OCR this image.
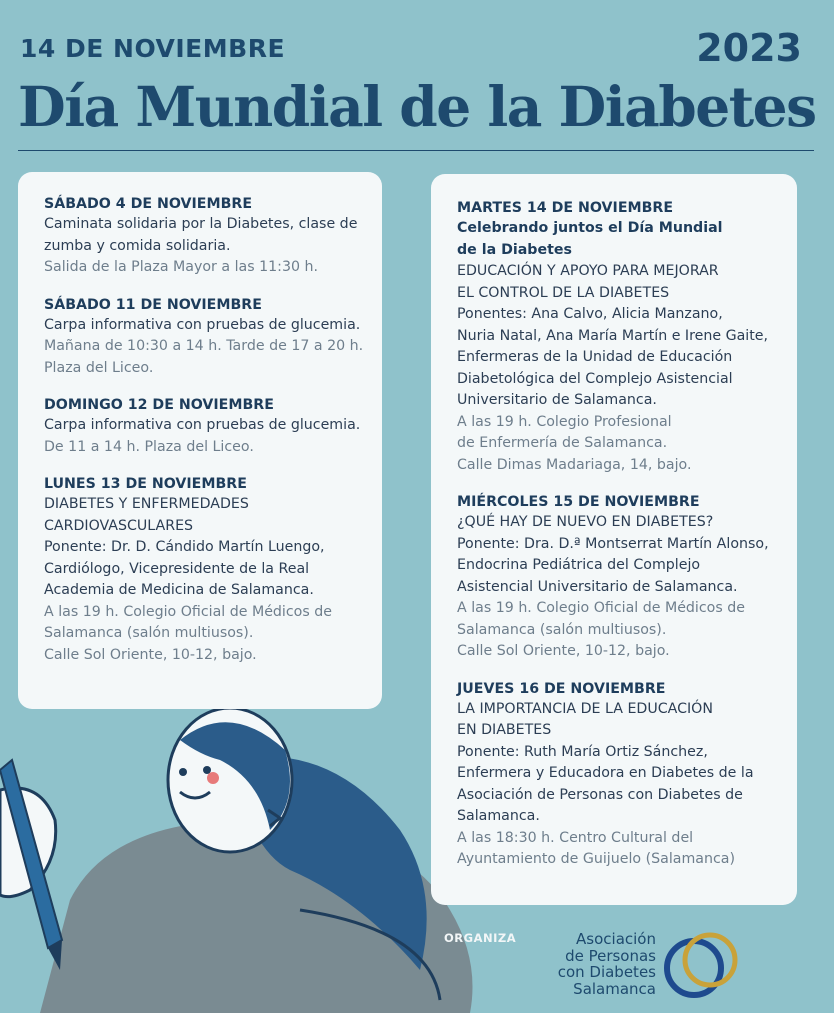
14 DE NOVIEMBRE	2023
Día Mundial de la Diabetes
SÁBADO 4 DE NOVIEMBRE
Caminata solidaria por la Diabetes, clase de
zumba y comida solidaria.
Salida de la Plaza Mayor a las 11:30 h.
SÁBADO 11 DE NOVIEMBRE
Carpa informativa con pruebas de glucemia.
Mañana de 10:30 a 14 h. Tarde de 17 a 20 h.
Plaza del Liceo.
DOMINGO 12 DE NOVIEMBRE
Carpa informativa con pruebas de glucemia.
De 11 a 14 h. Plaza del Liceo.
LUNES 13 DE NOVIEMBRE
DIABETES Y ENFERMEDADES
CARDIOVASCULARES
Ponente: Dr. D. Cándido Martín Luengo,
Cardiólogo, Vicepresidente de la Real
Academia de Medicina de Salamanca.
A las 19 h. Colegio Oficial de Médicos de
Salamanca (salón multiusos).
Calle Sol Oriente, 10-12, bajo.
MARTES 14 DE NOVIEMBRE
Celebrando juntos el Día Mundial
de la Diabetes
EDUCACIÓN Y APOYO PARA MEJORAR
EL CONTROL DE LA DIABETES
Ponentes: Ana Calvo, Alicia Manzano,
Nuria Natal, Ana María Martín e Irene Gaite,
Enfermeras de la Unidad de Educación
Diabetológica del Complejo Asistencial
Universitario de Salamanca.
A las 19 h. Colegio Profesional
de Enfermería de Salamanca.
Calle Dimas Madariaga, 14, bajo.
MIÉRCOLES 15 DE NOVIEMBRE
¿QUÉ HAY DE NUEVO EN DIABETES?
Ponente: Dra. D.ª Montserrat Martín Alonso,
Endocrina Pediátrica del Complejo
Asistencial Universitario de Salamanca.
A las 19 h. Colegio Oficial de Médicos de
Salamanca (salón multiusos).
Calle Sol Oriente, 10-12, bajo.
JUEVES 16 DE NOVIEMBRE
LA IMPORTANCIA DE LA EDUCACIÓN
EN DIABETES
Ponente: Ruth María Ortiz Sánchez,
Enfermera y Educadora en Diabetes de la
Asociación de Personas con Diabetes de
Salamanca.
A las 18:30 h. Centro Cultural del
Ayuntamiento de Guijuelo (Salamanca)
ORGANIZA	Asociación
de Personas
con Diabetes
Salamanca
